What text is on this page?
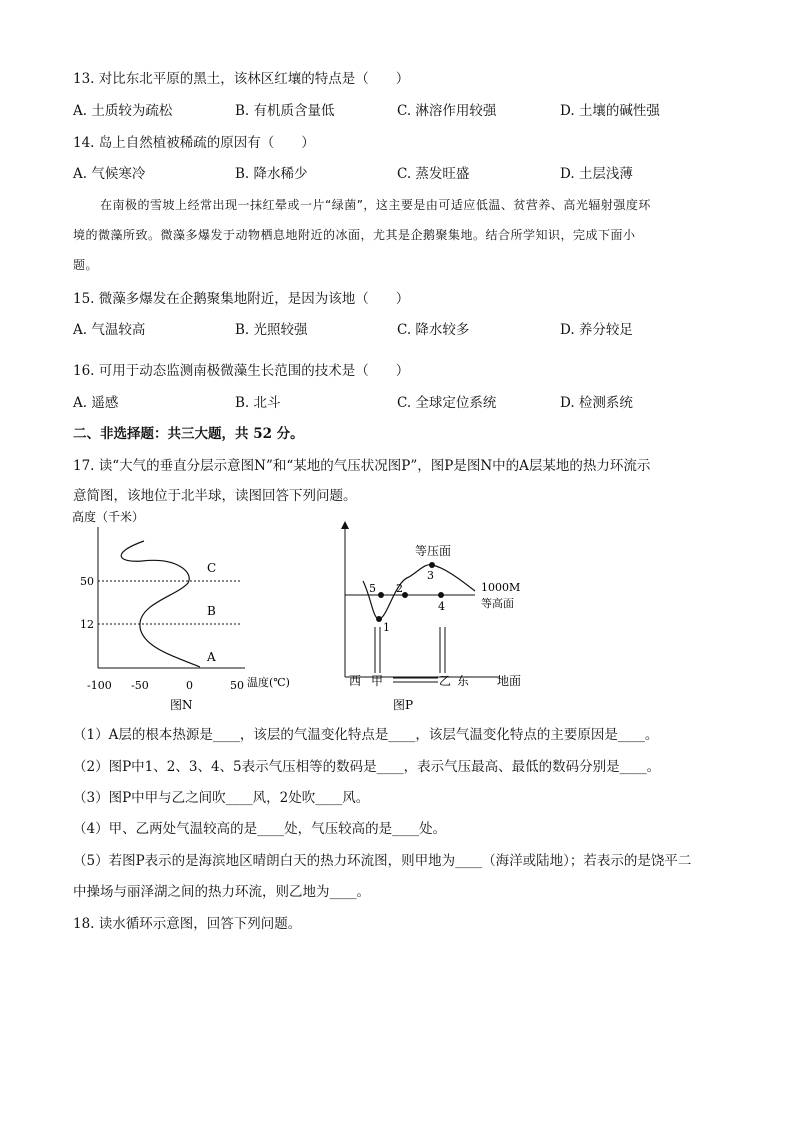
13. 对比东北平原的黑土，该林区红壤的特点是（　　）
A. 土质较为疏松	B. 有机质含量低	C. 淋溶作用较强	D. 土壤的碱性强
14. 岛上自然植被稀疏的原因有（　　）
A. 气候寒冷	B. 降水稀少	C. 蒸发旺盛	D. 土层浅薄
在南极的雪坡上经常出现一抹红晕或一片“绿菌”，这主要是由可适应低温、贫营养、高光辐射强度环
境的微藻所致。微藻多爆发于动物栖息地附近的冰面，尤其是企鹅聚集地。结合所学知识，完成下面小
题。
15. 微藻多爆发在企鹅聚集地附近，是因为该地（　　）
A. 气温较高	B. 光照较强	C. 降水较多	D. 养分较足
16. 可用于动态监测南极微藻生长范围的技术是（　　）
A. 遥感	B. 北斗	C. 全球定位系统	D. 检测系统
二、非选择题：共三大题，共 52 分。
17. 读“大气的垂直分层示意图N”和“某地的气压状况图P”，图P是图N中的A层某地的热力环流示
意简图，该地位于北半球，读图回答下列问题。
高度（千米）
50
12
C
B
A
-100 -50	0	50 温度(℃)
图N
1
2
3
4
5
等压面
1000M
等高面
西 甲	乙 东 地面
图P
（1）A层的根本热源是____，该层的气温变化特点是____，该层气温变化特点的主要原因是____。
（2）图P中1、2、3、4、5表示气压相等的数码是____，表示气压最高、最低的数码分别是____。
（3）图P中甲与乙之间吹____风，2处吹____风。
（4）甲、乙两处气温较高的是____处，气压较高的是____处。
（5）若图P表示的是海滨地区晴朗白天的热力环流图，则甲地为____（海洋或陆地）；若表示的是饶平二
中操场与丽泽湖之间的热力环流，则乙地为____。
18. 读水循环示意图，回答下列问题。
